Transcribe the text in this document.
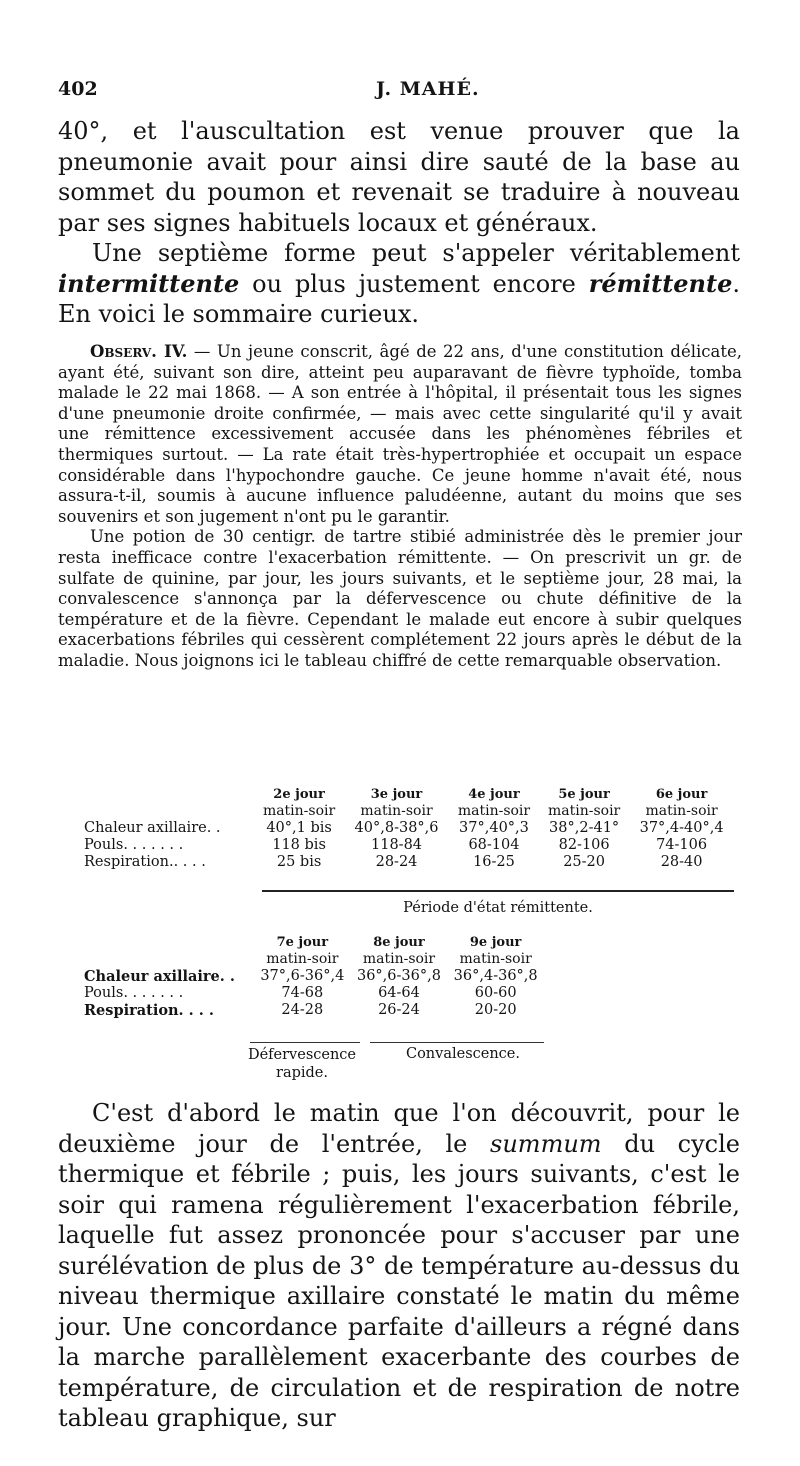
402	J. MAHÉ.

40°, et l'auscultation est venue prouver que la pneumonie avait pour ainsi dire sauté de la base au sommet du poumon et revenait se traduire à nouveau par ses signes habituels locaux et généraux.

Une septième forme peut s'appeler véritablement intermittente ou plus justement encore rémittente. En voici le sommaire curieux.

Observ. IV. — Un jeune conscrit, âgé de 22 ans, d'une constitution délicate, ayant été, suivant son dire, atteint peu auparavant de fièvre typhoïde, tomba malade le 22 mai 1868. — A son entrée à l'hôpital, il présentait tous les signes d'une pneumonie droite confirmée, — mais avec cette singularité qu'il y avait une rémittence excessivement accusée dans les phénomènes fébriles et thermiques surtout. — La rate était très-hypertrophiée et occupait un espace considérable dans l'hypochondre gauche. Ce jeune homme n'avait été, nous assura-t-il, soumis à aucune influence paludéenne, autant du moins que ses souvenirs et son jugement n'ont pu le garantir.

Une potion de 30 centigr. de tartre stibié administrée dès le premier jour resta inefficace contre l'exacerbation rémittente. — On prescrivit un gr. de sulfate de quinine, par jour, les jours suivants, et le septième jour, 28 mai, la convalescence s'annonça par la défervescence ou chute définitive de la température et de la fièvre. Cependant le malade eut encore à subir quelques exacerbations fébriles qui cessèrent complétement 22 jours après le début de la maladie. Nous joignons ici le tableau chiffré de cette remarquable observation.

	2e jour	3e jour	4e jour	5e jour	6e jour
	matin-soir	matin-soir	matin-soir	matin-soir	matin-soir
Chaleur axillaire. .	40°,1 bis	40°,8-38°,6	37°,40°,3	38°,2-41°	37°,4-40°,4
Pouls. . . . . . .	118 bis	118-84	68-104	82-106	74-106
Respiration.. . . .	25 bis	28-24	16-25	25-20	28-40
Période d'état rémittente.
	7e jour	8e jour	9e jour
	matin-soir	matin-soir	matin-soir
Chaleur axillaire. .	37°,6-36°,4	36°,6-36°,8	36°,4-36°,8
Pouls. . . . . . .	74-68	64-64	60-60
Respiration. . . .	24-28	26-24	20-20
Défervescence
rapide.
Convalescence.

C'est d'abord le matin que l'on découvrit, pour le deuxième jour de l'entrée, le summum du cycle thermique et fébrile ; puis, les jours suivants, c'est le soir qui ramena régulièrement l'exacerbation fébrile, laquelle fut assez prononcée pour s'accuser par une surélévation de plus de 3° de température au-dessus du niveau thermique axillaire constaté le matin du même jour. Une concordance parfaite d'ailleurs a régné dans la marche parallèlement exacerbante des courbes de température, de circulation et de respiration de notre tableau graphique, sur
